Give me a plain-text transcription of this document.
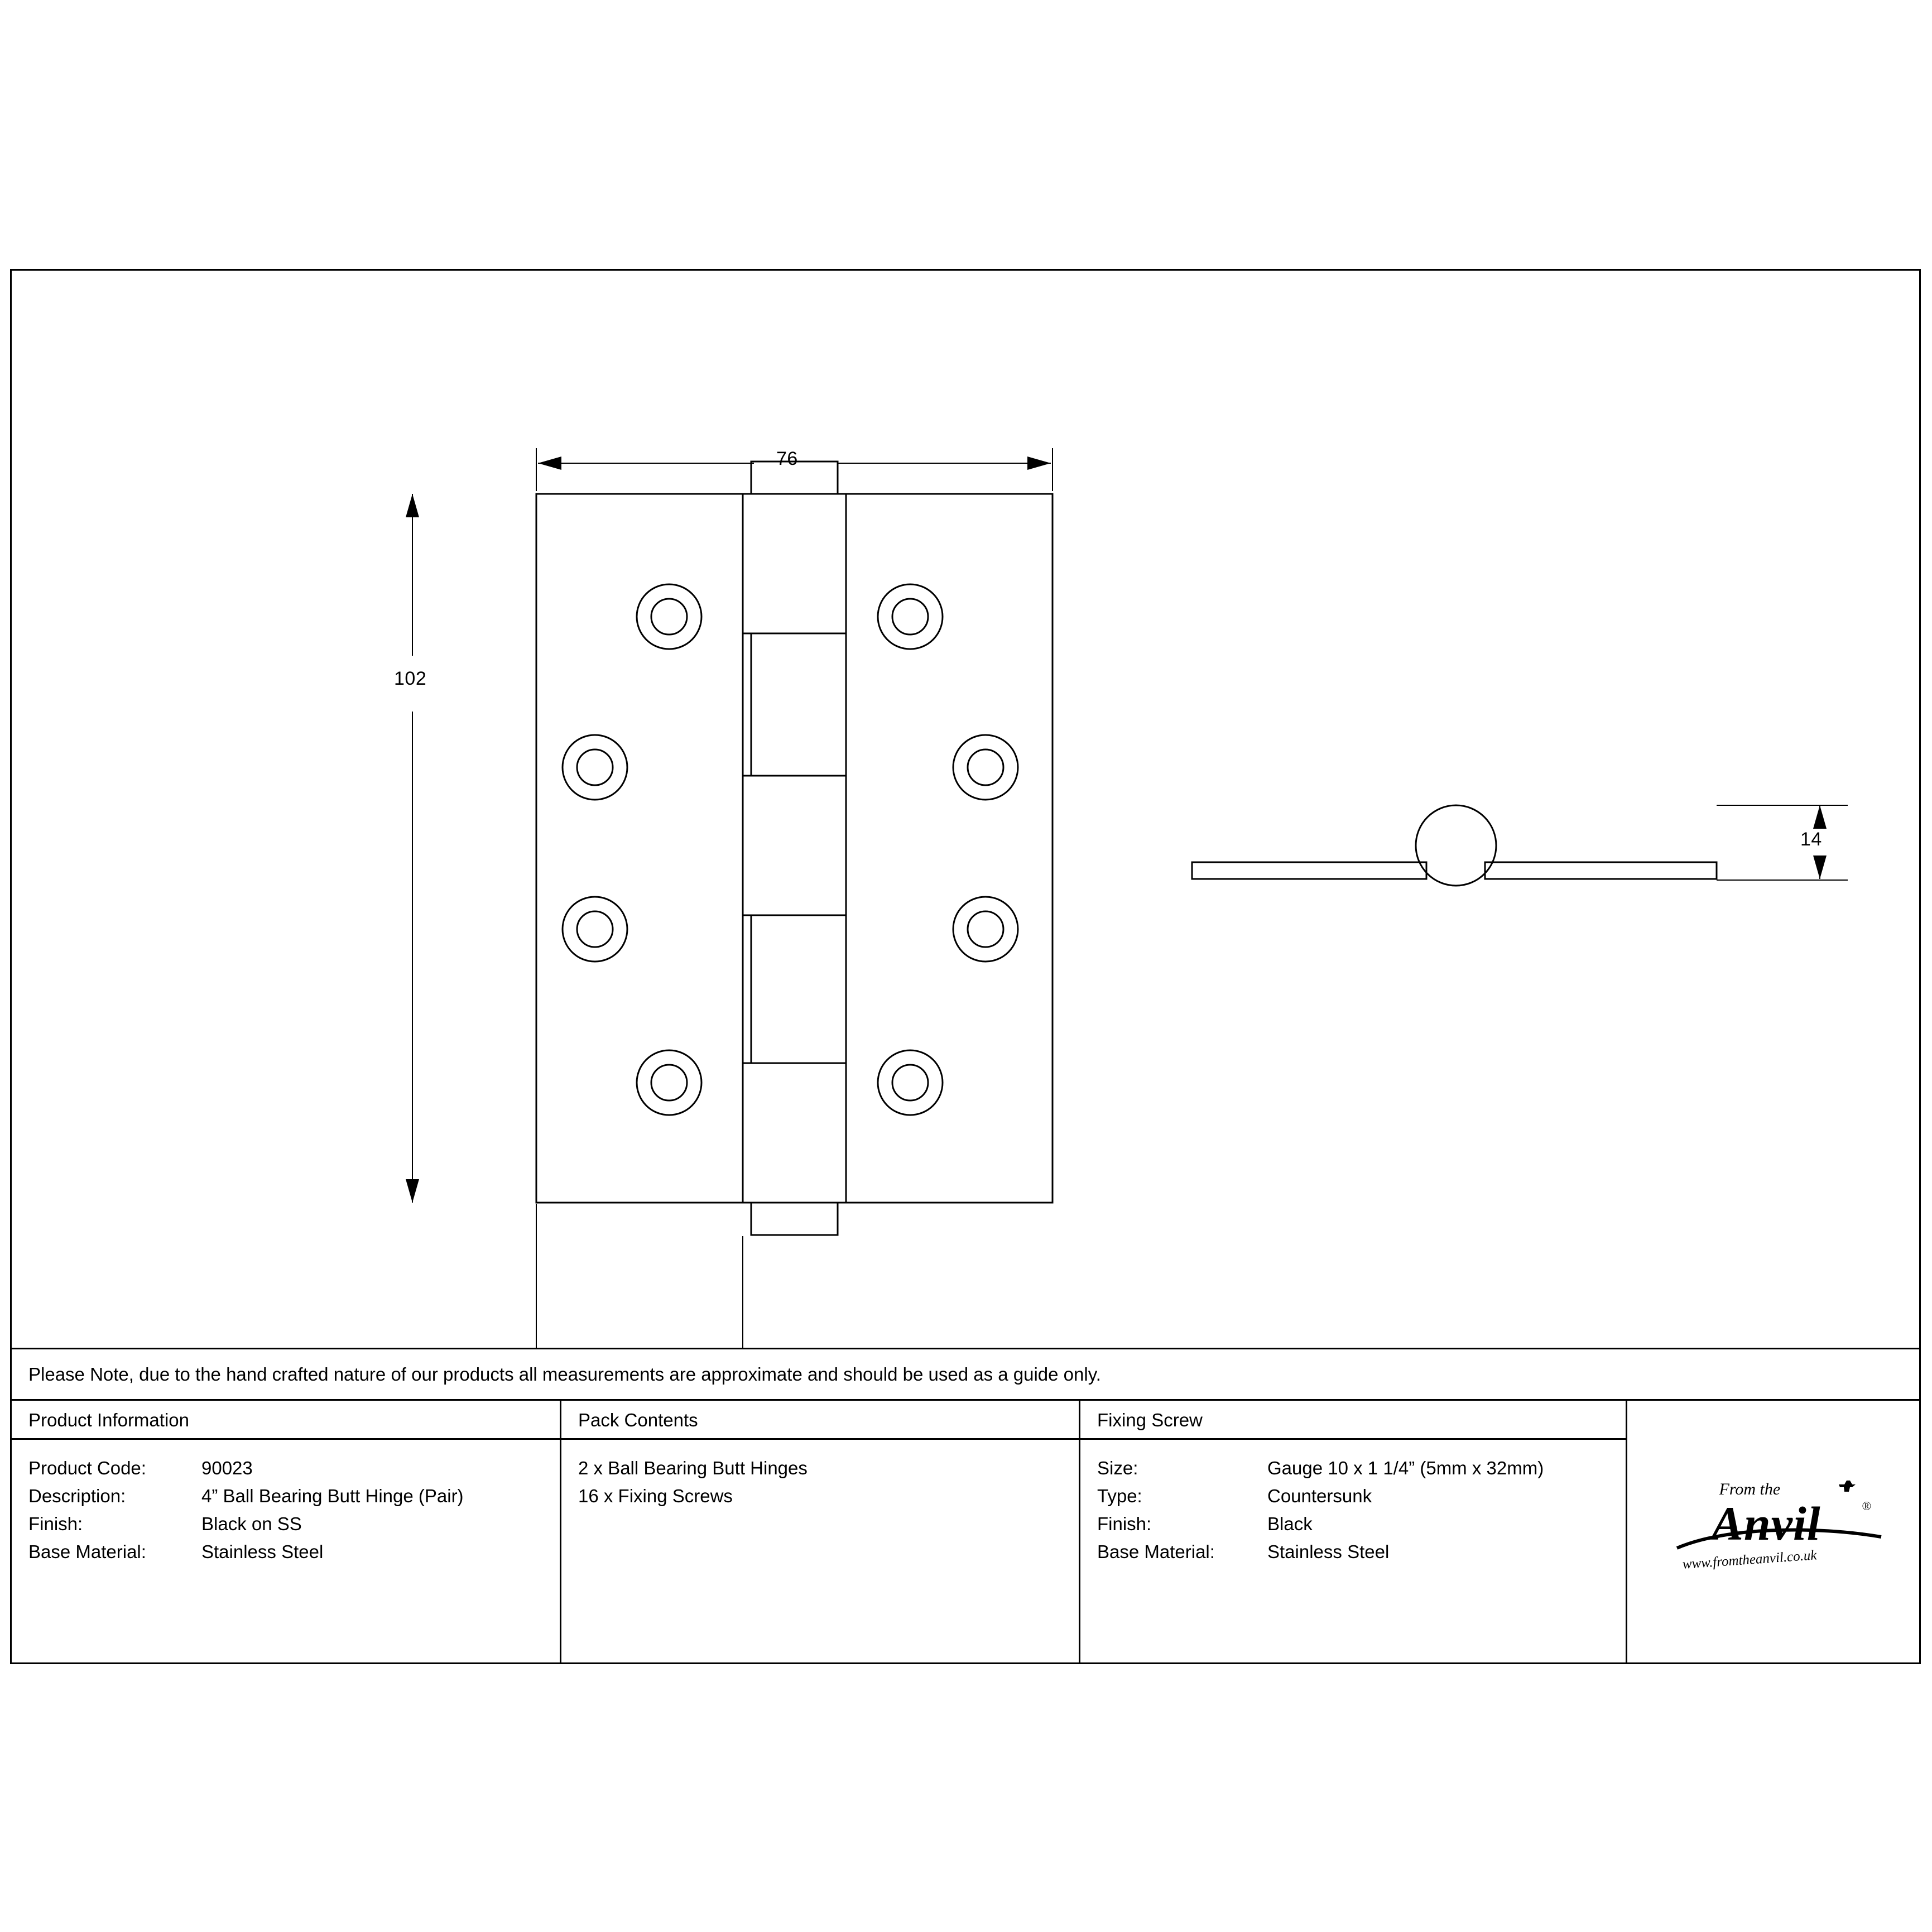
76
102
14
Please Note, due to the hand crafted nature of our products all measurements are approximate and should be used as a guide only.
Product Information
Product Code:	90023
Description:	4” Ball Bearing Butt Hinge (Pair)
Finish:	Black on SS
Base Material:	Stainless Steel
Pack Contents
2 x Ball Bearing Butt Hinges
16 x Fixing Screws
Fixing Screw
Size:	Gauge 10 x 1 1/4” (5mm x 32mm)
Type:	Countersunk
Finish:	Black
Base Material:	Stainless Steel
From the
Anvil	®
www.fromtheanvil.co.uk
